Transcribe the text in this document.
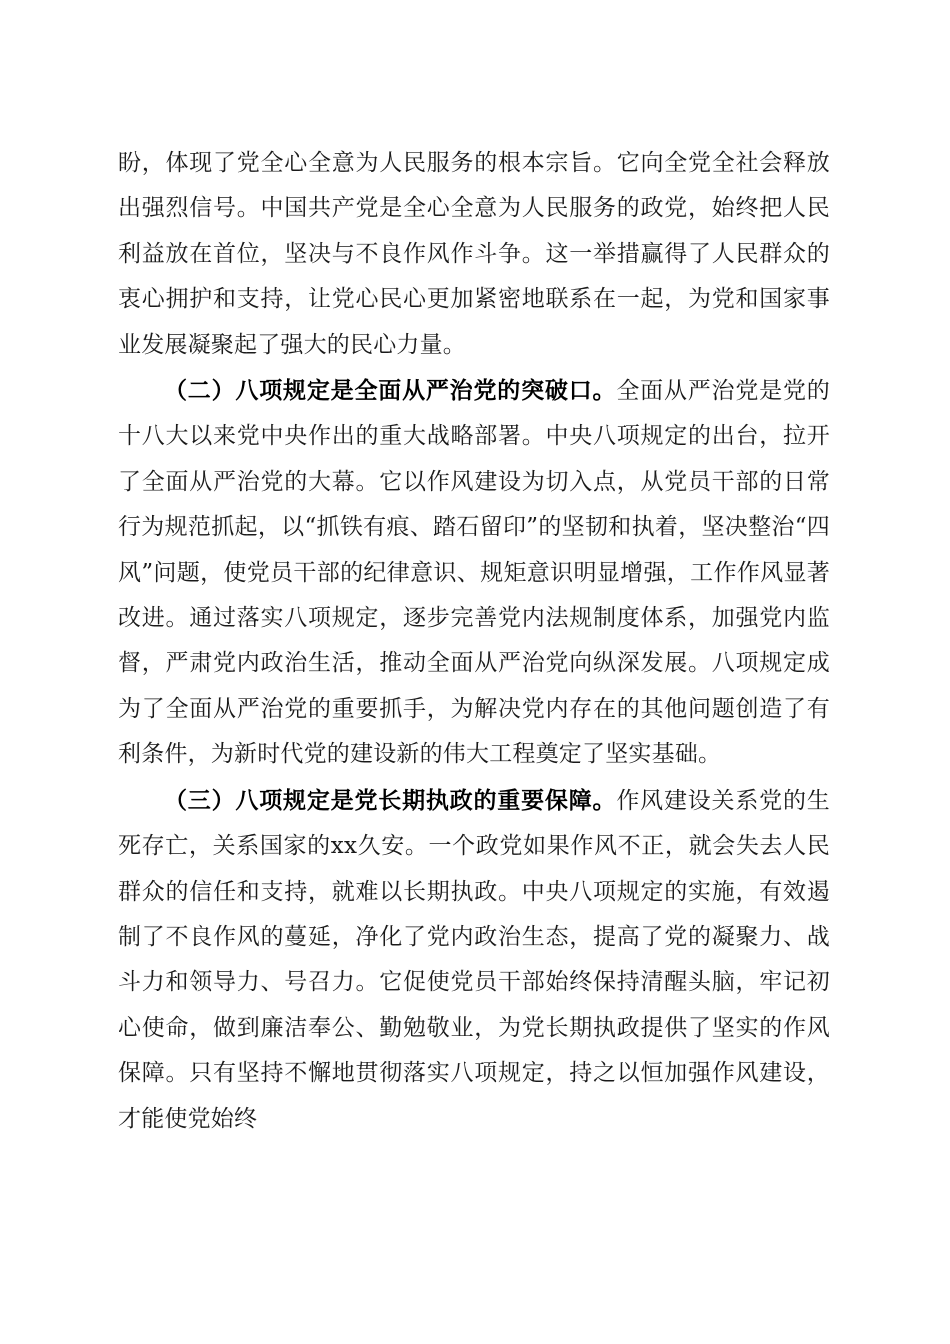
盼，体现了党全心全意为人民服务的根本宗旨。它向全党全社会释放出强烈信号。中国共产党是全心全意为人民服务的政党，始终把人民利益放在首位，坚决与不良作风作斗争。这一举措赢得了人民群众的衷心拥护和支持，让党心民心更加紧密地联系在一起，为党和国家事业发展凝聚起了强大的民心力量。

（二）八项规定是全面从严治党的突破口。全面从严治党是党的十八大以来党中央作出的重大战略部署。中央八项规定的出台，拉开了全面从严治党的大幕。它以作风建设为切入点，从党员干部的日常行为规范抓起，以“抓铁有痕、踏石留印”的坚韧和执着，坚决整治“四风”问题，使党员干部的纪律意识、规矩意识明显增强，工作作风显著改进。通过落实八项规定，逐步完善党内法规制度体系，加强党内监督，严肃党内政治生活，推动全面从严治党向纵深发展。八项规定成为了全面从严治党的重要抓手，为解决党内存在的其他问题创造了有利条件，为新时代党的建设新的伟大工程奠定了坚实基础。

（三）八项规定是党长期执政的重要保障。作风建设关系党的生死存亡，关系国家的xx久安。一个政党如果作风不正，就会失去人民群众的信任和支持，就难以长期执政。中央八项规定的实施，有效遏制了不良作风的蔓延，净化了党内政治生态，提高了党的凝聚力、战斗力和领导力、号召力。它促使党员干部始终保持清醒头脑，牢记初心使命，做到廉洁奉公、勤勉敬业，为党长期执政提供了坚实的作风保障。只有坚持不懈地贯彻落实八项规定，持之以恒加强作风建设，才能使党始终
